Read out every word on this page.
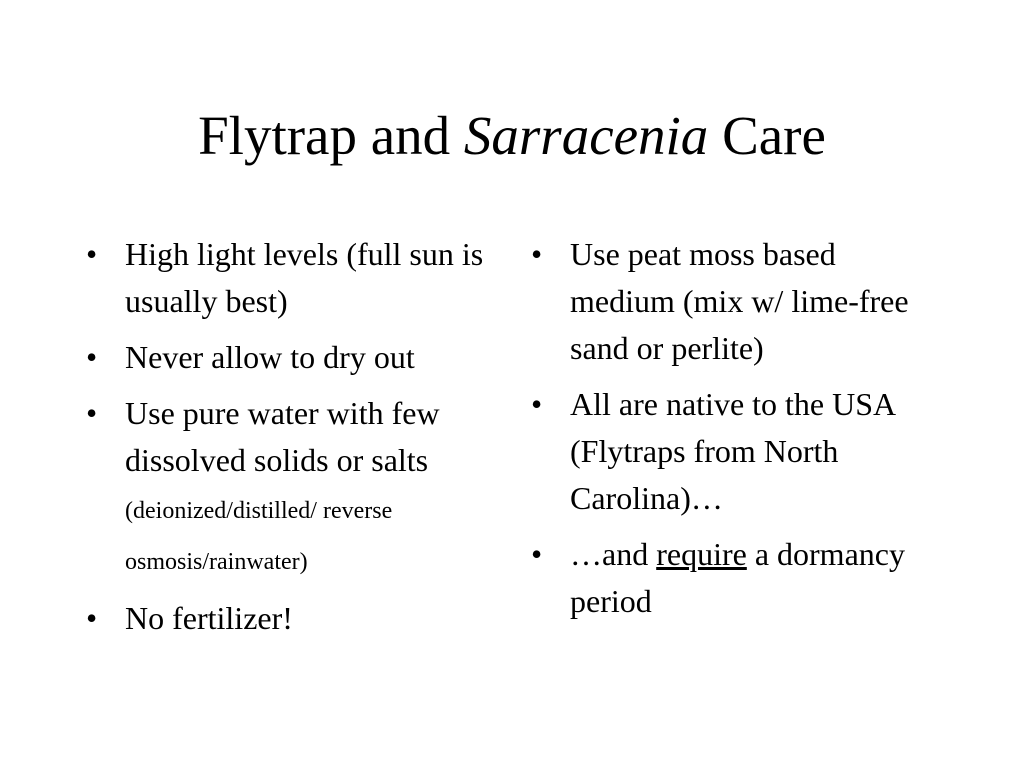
Flytrap and Sarracenia Care
• High light levels (full sun is usually best)
• Never allow to dry out
• Use pure water with few dissolved solids or salts (deionized/distilled/ reverse osmosis/rainwater)
• No fertilizer!
• Use peat moss based medium (mix w/ lime-free sand or perlite)
• All are native to the USA (Flytraps from North Carolina)…
• …and require a dormancy period
